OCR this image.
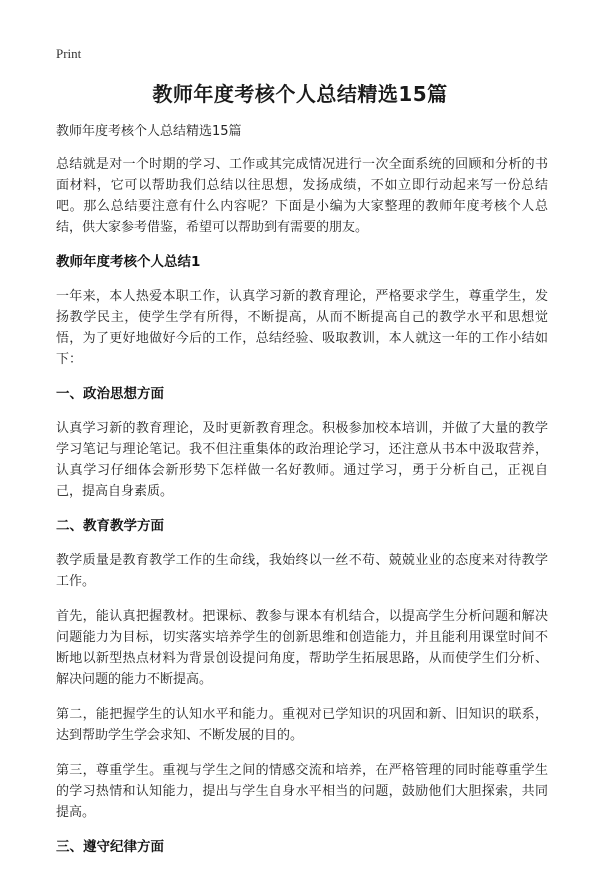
Print
教师年度考核个人总结精选15篇
教师年度考核个人总结精选15篇

总结就是对一个时期的学习、工作或其完成情况进行一次全面系统的回顾和分析的书面材料，它可以帮助我们总结以往思想，发扬成绩，不如立即行动起来写一份总结吧。那么总结要注意有什么内容呢？下面是小编为大家整理的教师年度考核个人总结，供大家参考借鉴，希望可以帮助到有需要的朋友。

教师年度考核个人总结1

一年来，本人热爱本职工作，认真学习新的教育理论，严格要求学生，尊重学生，发扬教学民主，使学生学有所得，不断提高，从而不断提高自己的教学水平和思想觉悟，为了更好地做好今后的工作，总结经验、吸取教训，本人就这一年的工作小结如下：

一、政治思想方面

认真学习新的教育理论，及时更新教育理念。积极参加校本培训，并做了大量的教学学习笔记与理论笔记。我不但注重集体的政治理论学习，还注意从书本中汲取营养，认真学习仔细体会新形势下怎样做一名好教师。通过学习，勇于分析自己，正视自己，提高自身素质。

二、教育教学方面

教学质量是教育教学工作的生命线，我始终以一丝不苟、兢兢业业的态度来对待教学工作。

首先，能认真把握教材。把课标、教参与课本有机结合，以提高学生分析问题和解决问题能力为目标，切实落实培养学生的创新思维和创造能力，并且能利用课堂时间不断地以新型热点材料为背景创设提问角度，帮助学生拓展思路，从而使学生们分析、解决问题的能力不断提高。

第二，能把握学生的认知水平和能力。重视对已学知识的巩固和新、旧知识的联系，达到帮助学生学会求知、不断发展的目的。

第三，尊重学生。重视与学生之间的情感交流和培养，在严格管理的同时能尊重学生的学习热情和认知能力，提出与学生自身水平相当的问题，鼓励他们大胆探索，共同提高。

三、遵守纪律方面
